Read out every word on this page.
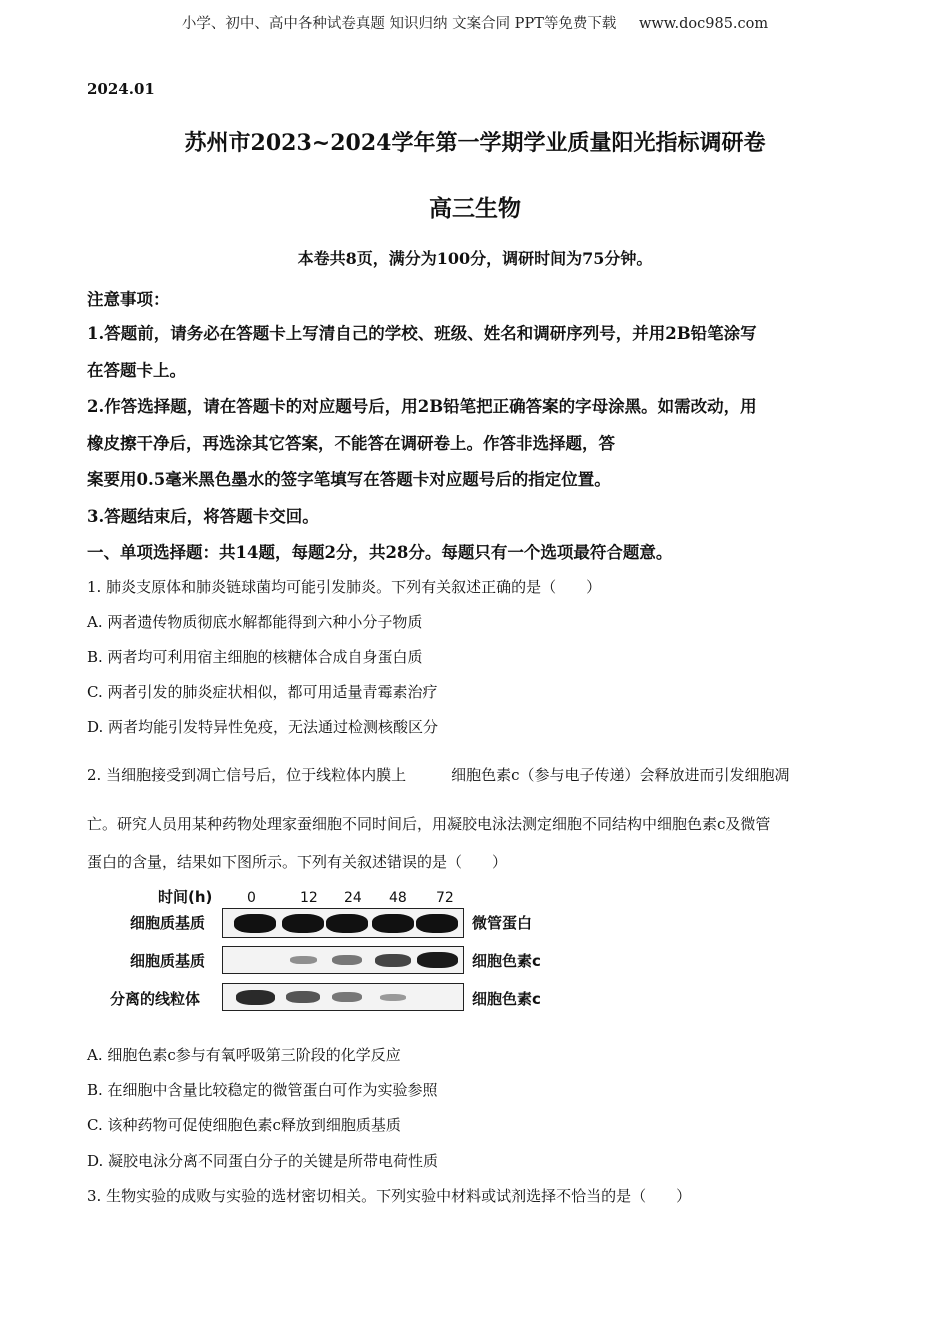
小学、初中、高中各种试卷真题 知识归纳 文案合同 PPT等免费下载 www.doc985.com
2024.01
苏州市2023~2024学年第一学期学业质量阳光指标调研卷
高三生物
本卷共8页，满分为100分，调研时间为75分钟。
注意事项：
1.答题前，请务必在答题卡上写清自己的学校、班级、姓名和调研序列号，并用2B铅笔涂写
在答题卡上。
2.作答选择题，请在答题卡的对应题号后，用2B铅笔把正确答案的字母涂黑。如需改动，用
橡皮擦干净后，再选涂其它答案，不能答在调研卷上。作答非选择题，答
案要用0.5毫米黑色墨水的签字笔填写在答题卡对应题号后的指定位置。
3.答题结束后，将答题卡交回。
一、单项选择题：共14题，每题2分，共28分。每题只有一个选项最符合题意。
1. 肺炎支原体和肺炎链球菌均可能引发肺炎。下列有关叙述正确的是（　　）
A. 两者遗传物质彻底水解都能得到六种小分子物质
B. 两者均可利用宿主细胞的核糖体合成自身蛋白质
C. 两者引发的肺炎症状相似，都可用适量青霉素治疗
D. 两者均能引发特异性免疫，无法通过检测核酸区分
2. 当细胞接受到凋亡信号后，位于线粒体内膜上　　　细胞色素c（参与电子传递）会释放进而引发细胞凋
亡。研究人员用某种药物处理家蚕细胞不同时间后，用凝胶电泳法测定细胞不同结构中细胞色素c及微管
蛋白的含量，结果如下图所示。下列有关叙述错误的是（　　）
时间(h) 0	12 24 48 72
细胞质基质	微管蛋白
细胞质基质	细胞色素c
分离的线粒体	细胞色素c
A. 细胞色素c参与有氧呼吸第三阶段的化学反应
B. 在细胞中含量比较稳定的微管蛋白可作为实验参照
C. 该种药物可促使细胞色素c释放到细胞质基质
D. 凝胶电泳分离不同蛋白分子的关键是所带电荷性质
3. 生物实验的成败与实验的选材密切相关。下列实验中材料或试剂选择不恰当的是（　　）
